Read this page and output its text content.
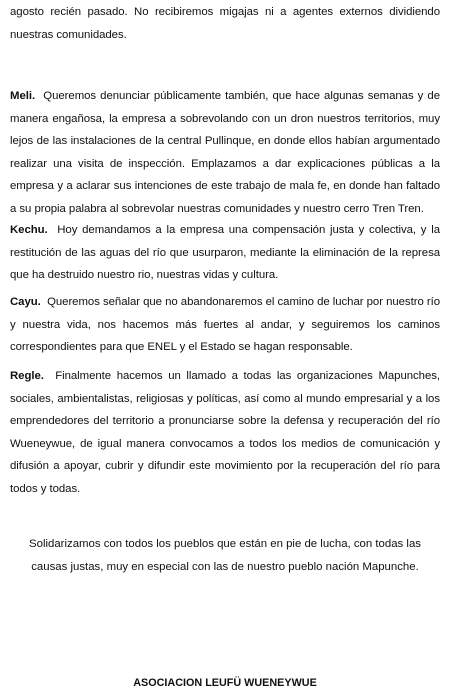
agosto recién pasado. No recibiremos migajas ni a agentes externos dividiendo nuestras comunidades.

Meli. Queremos denunciar públicamente también, que hace algunas semanas y de manera engañosa, la empresa a sobrevolando con un dron nuestros territorios, muy lejos de las instalaciones de la central Pullinque, en donde ellos habían argumentado realizar una visita de inspección. Emplazamos a dar explicaciones públicas a la empresa y a aclarar sus intenciones de este trabajo de mala fe, en donde han faltado a su propia palabra al sobrevolar nuestras comunidades y nuestro cerro Tren Tren.

Kechu. Hoy demandamos a la empresa una compensación justa y colectiva, y la restitución de las aguas del río que usurparon, mediante la eliminación de la represa que ha destruido nuestro rio, nuestras vidas y cultura.

Cayu. Queremos señalar que no abandonaremos el camino de luchar por nuestro río y nuestra vida, nos hacemos más fuertes al andar, y seguiremos los caminos correspondientes para que ENEL y el Estado se hagan responsable.

Regle. Finalmente hacemos un llamado a todas las organizaciones Mapunches, sociales, ambientalistas, religiosas y políticas, así como al mundo empresarial y a los emprendedores del territorio a pronunciarse sobre la defensa y recuperación del río Wueneywue, de igual manera convocamos a todos los medios de comunicación y difusión a apoyar, cubrir y difundir este movimiento por la recuperación del río para todos y todas.

Solidarizamos con todos los pueblos que están en pie de lucha, con todas las causas justas, muy en especial con las de nuestro pueblo nación Mapunche.

ASOCIACION LEUFÜ WUENEYWUE
